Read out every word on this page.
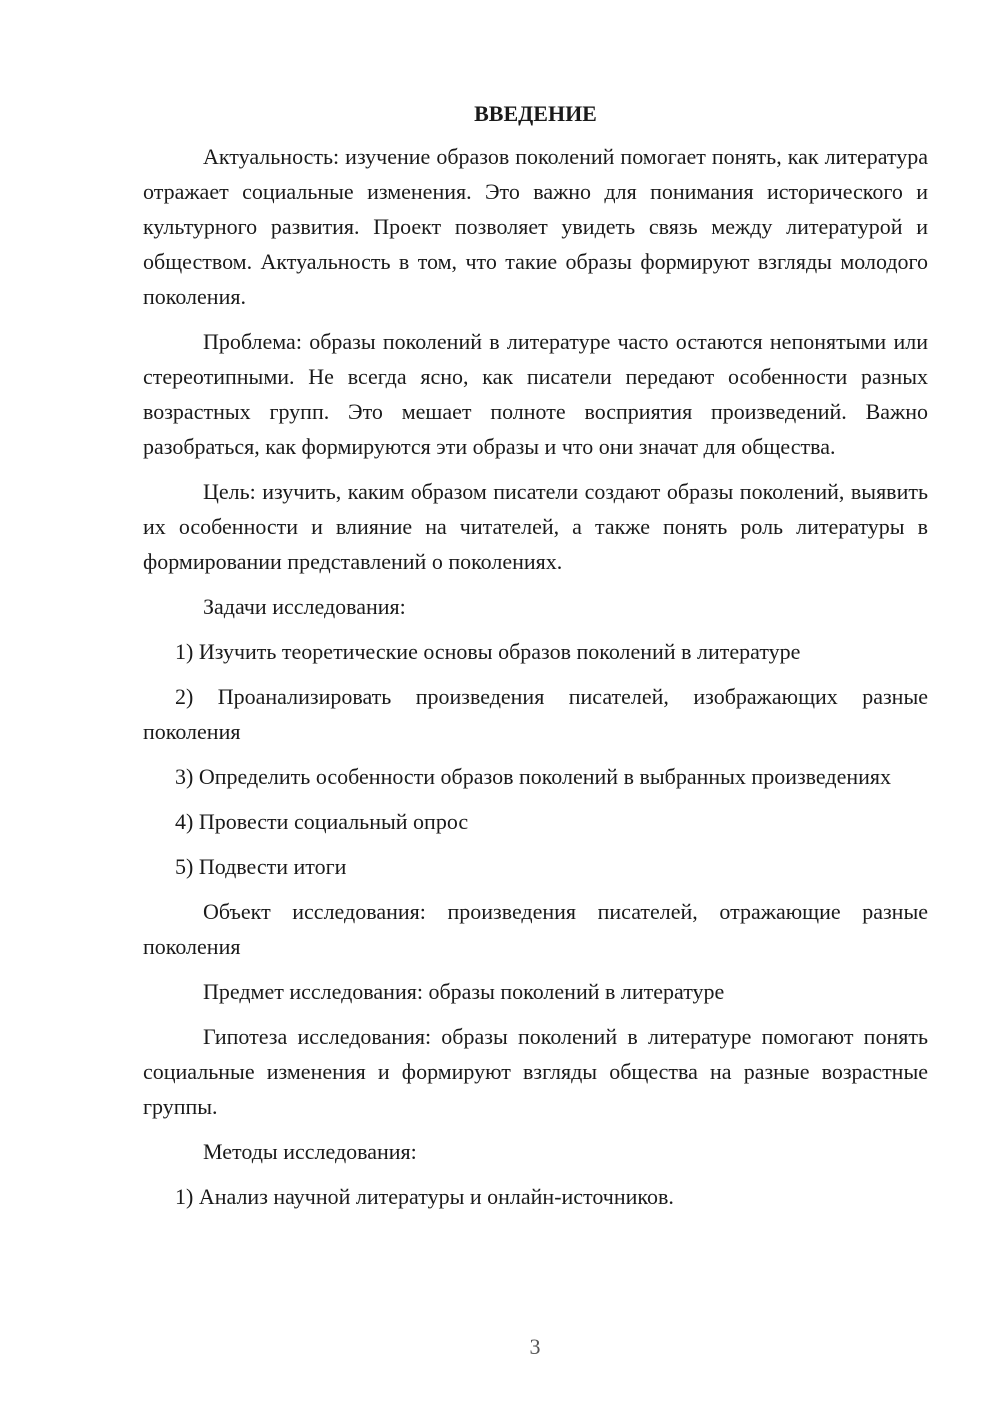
ВВЕДЕНИЕ

Актуальность: изучение образов поколений помогает понять, как литература отражает социальные изменения. Это важно для понимания исторического и культурного развития. Проект позволяет увидеть связь между литературой и обществом. Актуальность в том, что такие образы формируют взгляды молодого поколения.

Проблема: образы поколений в литературе часто остаются непонятыми или стереотипными. Не всегда ясно, как писатели передают особенности разных возрастных групп. Это мешает полноте восприятия произведений. Важно разобраться, как формируются эти образы и что они значат для общества.

Цель: изучить, каким образом писатели создают образы поколений, выявить их особенности и влияние на читателей, а также понять роль литературы в формировании представлений о поколениях.

Задачи исследования:

1) Изучить теоретические основы образов поколений в литературе

2) Проанализировать произведения писателей, изображающих разные поколения

3) Определить особенности образов поколений в выбранных произведениях

4) Провести социальный опрос

5) Подвести итоги

Объект исследования: произведения писателей, отражающие разные поколения

Предмет исследования: образы поколений в литературе

Гипотеза исследования: образы поколений в литературе помогают понять социальные изменения и формируют взгляды общества на разные возрастные группы.

Методы исследования:

1) Анализ научной литературы и онлайн-источников.

3
